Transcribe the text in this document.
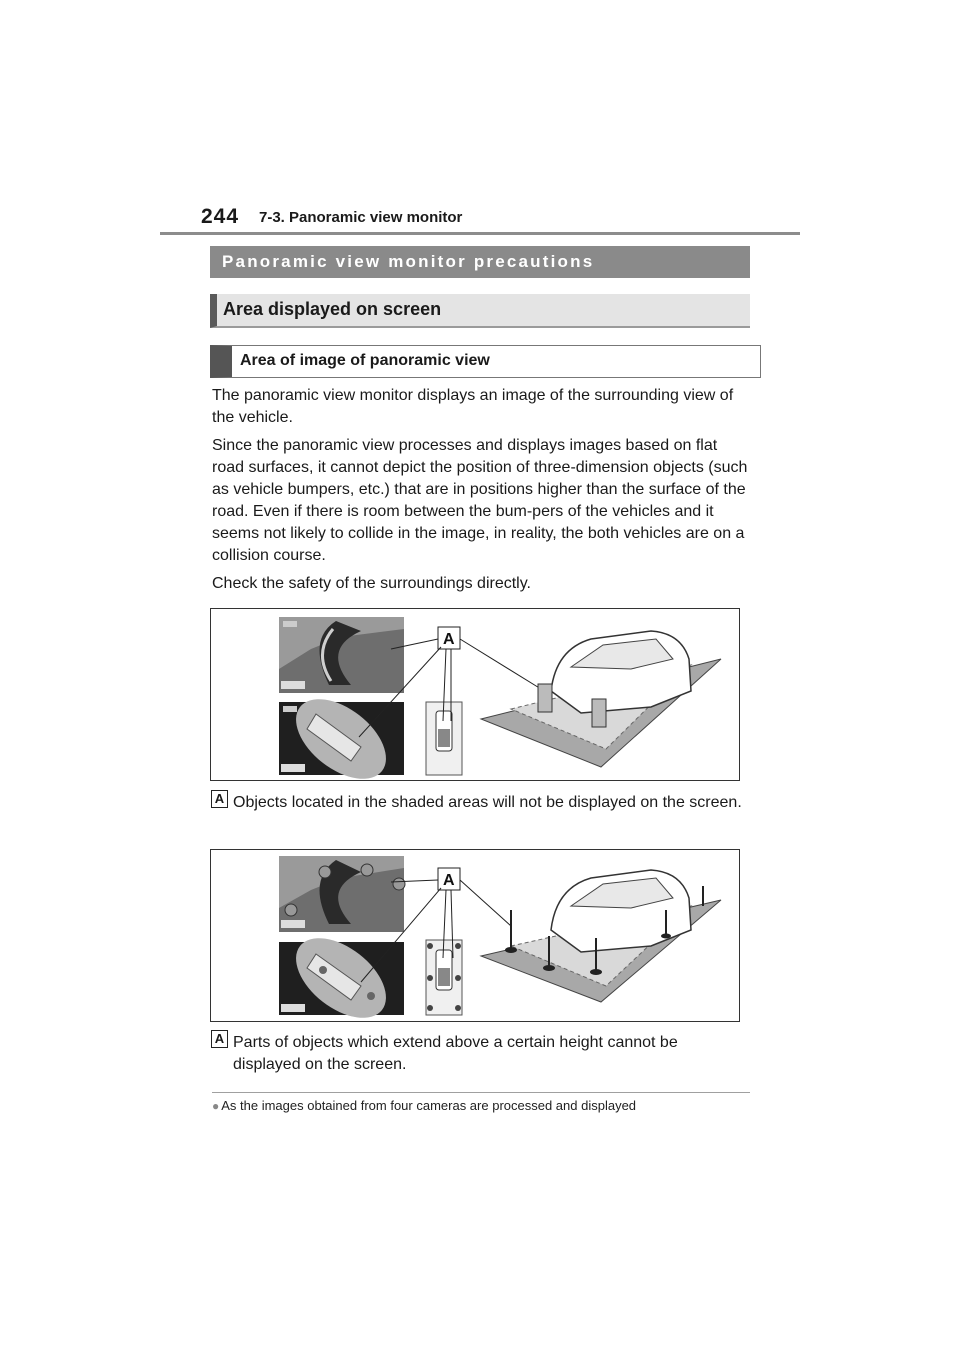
244 7-3. Panoramic view monitor
Panoramic view monitor precautions
Area displayed on screen
Area of image of panoramic view

The panoramic view monitor displays an image of the surrounding view of the vehicle.

Since the panoramic view processes and displays images based on flat road surfaces, it cannot depict the position of three-dimension objects (such as vehicle bumpers, etc.) that are in positions higher than the surface of the road. Even if there is room between the bum-pers of the vehicles and it seems not likely to collide in the image, in reality, the both vehicles are on a collision course.

Check the safety of the surroundings directly.

A
A Objects located in the shaded areas will not be displayed on the screen.

A
A Parts of objects which extend above a certain height cannot be displayed on the screen.

● As the images obtained from four cameras are processed and displayed
